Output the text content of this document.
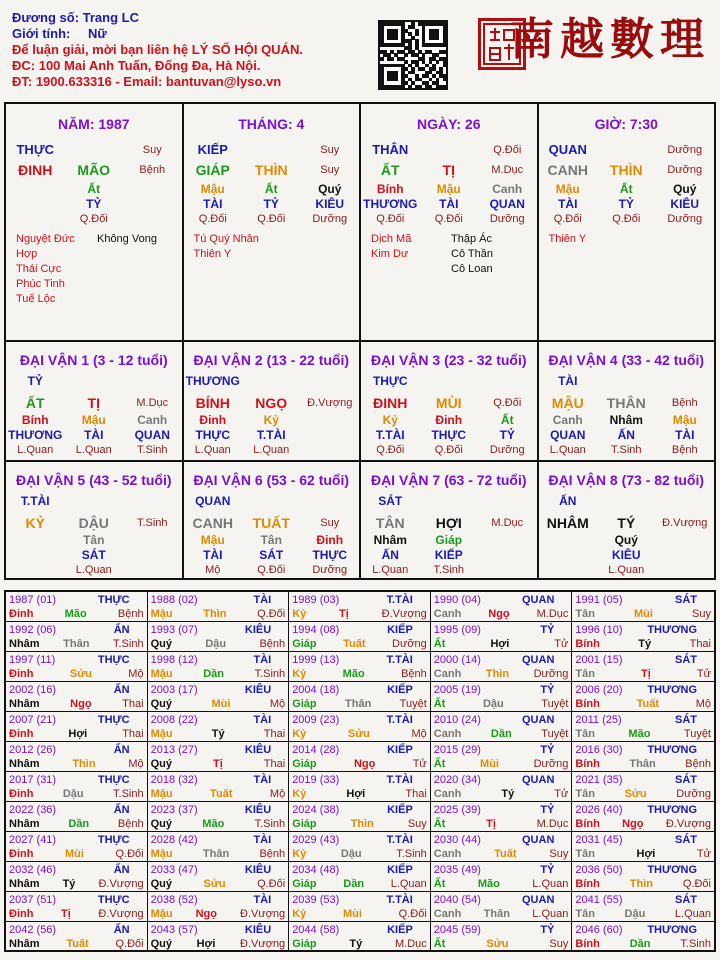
Đương số: Trang LC
Giới tính: Nữ
Để luận giải, mời bạn liên hệ LÝ SỐ HỘI QUÁN.
ĐC: 100 Mai Anh Tuấn, Đống Đa, Hà Nội.
ĐT: 1900.633316 - Email: bantuvan@lyso.vn
南越數理
NĂM: 1987
THỰC	Suy
ĐINH	MÃO	Bệnh
Ất
TỶ
Q.Đối
Nguyệt Đức Hợp
Thái Cực
Phúc Tinh
Tuế Lộc
Không Vong
THÁNG: 4
KIẾP	Suy
GIÁP	THÌN	Suy
Mậu	Ất	Quý
TÀI	TỶ	KIÊU
Q.Đối	Q.Đối	Dưỡng
Tú Quý Nhân
Thiên Y
NGÀY: 26
THÂN	Q.Đối
ẤT	TỊ	M.Dục
Bính	Mậu	Canh
THƯƠNG	TÀI	QUAN
Q.Đối	Q.Đối	Dưỡng
Dịch Mã
Kim Dư
Thập Ác
Cô Thần
Cô Loan
GIỜ: 7:30
QUAN	Dưỡng
CANH	THÌN	Dưỡng
Mậu	Ất	Quý
TÀI	TỶ	KIÊU
Q.Đối	Q.Đối	Dưỡng
Thiên Y
ĐẠI VẬN 1 (3 - 12 tuổi)
TỶ
ẤT	TỊ	M.Dục
Bính	Mậu	Canh
THƯƠNG	TÀI	QUAN
L.Quan	L.Quan	T.Sinh
ĐẠI VẬN 2 (13 - 22 tuổi)
THƯƠNG
BÍNH	NGỌ	Đ.Vượng
Đinh	Kỷ
THỰC	T.TÀI
L.Quan	L.Quan
ĐẠI VẬN 3 (23 - 32 tuổi)
THỰC
ĐINH	MÙI	Q.Đối
Kỷ	Đinh	Ất
T.TÀI	THỰC	TỶ
Q.Đối	Q.Đối	Dưỡng
ĐẠI VẬN 4 (33 - 42 tuổi)
TÀI
MẬU	THÂN	Bệnh
Canh	Nhâm	Mậu
QUAN	ẤN	TÀI
L.Quan	T.Sinh	Bệnh
ĐẠI VẬN 5 (43 - 52 tuổi)
T.TÀI
KỶ	DẬU	T.Sinh
Tân
SÁT
L.Quan
ĐẠI VẬN 6 (53 - 62 tuổi)
QUAN
CANH	TUẤT	Suy
Mậu	Tân	Đinh
TÀI	SÁT	THỰC
Mộ	Q.Đối	Dưỡng
ĐẠI VẬN 7 (63 - 72 tuổi)
SÁT
TÂN	HỢI	M.Dục
Nhâm	Giáp
ẤN	KIẾP
L.Quan	T.Sinh
ĐẠI VẬN 8 (73 - 82 tuổi)
ẤN
NHÂM	TÝ	Đ.Vượng
Quý
KIÊU
L.Quan
1987 (01)	THỰC
Đinh	Mão	Bệnh
1988 (02)	TÀI
Mậu	Thìn	Q.Đối
1989 (03)	T.TÀI
Kỷ	Tị	Đ.Vượng
1990 (04)	QUAN
Canh Ngọ M.Dục
1991 (05)	SÁT
Tân	Mùi	Suy
1992 (06)	ẤN
Nhâm Thân T.Sinh
1993 (07)	KIÊU
Quý	Dậu	Bệnh
1994 (08)	KIẾP
Giáp Tuất Dưỡng
1995 (09)	TỶ
Ất	Hợi	Tử
1996 (10) THƯƠNG
Bính	Tý	Thai
1997 (11)	THỰC
Đinh	Sửu	Mộ
1998 (12)	TÀI
Mậu	Dần	T.Sinh
1999 (13)	T.TÀI
Kỷ	Mão	Bệnh
2000 (14)	QUAN
Canh Thìn Dưỡng
2001 (15)	SÁT
Tân	Tị	Tử
2002 (16)	ẤN
Nhâm	Ngọ	Thai
2003 (17)	KIÊU
Quý	Mùi	Mộ
2004 (18)	KIẾP
Giáp	Thân	Tuyệt
2005 (19)	TỶ
Ất	Dậu	Tuyệt
2006 (20) THƯƠNG
Bính	Tuất	Mộ
2007 (21)	THỰC
Đinh	Hợi	Thai
2008 (22)	TÀI
Mậu	Tý	Thai
2009 (23)	T.TÀI
Kỷ	Sửu	Mộ
2010 (24)	QUAN
Canh	Dần	Tuyệt
2011 (25)	SÁT
Tân	Mão	Tuyệt
2012 (26)	ẤN
Nhâm	Thìn	Mộ
2013 (27)	KIÊU
Quý	Tị	Thai
2014 (28)	KIẾP
Giáp	Ngọ	Tử
2015 (29)	TỶ
Ất	Mùi	Dưỡng
2016 (30) THƯƠNG
Bính	Thân	Bệnh
2017 (31)	THỰC
Đinh	Dậu	T.Sinh
2018 (32)	TÀI
Mậu	Tuất	Mộ
2019 (33)	T.TÀI
Kỷ	Hợi	Thai
2020 (34)	QUAN
Canh	Tý	Tử
2021 (35)	SÁT
Tân	Sửu	Dưỡng
2022 (36)	ẤN
Nhâm	Dần	Bệnh
2023 (37)	KIÊU
Quý	Mão	T.Sinh
2024 (38)	KIẾP
Giáp	Thìn	Suy
2025 (39)	TỶ
Ất	Tị	M.Dục
2026 (40) THƯƠNG
Bính Ngọ Đ.Vượng
2027 (41)	THỰC
Đinh	Mùi	Q.Đối
2028 (42)	TÀI
Mậu	Thân	Bệnh
2029 (43)	T.TÀI
Kỷ	Dậu	T.Sinh
2030 (44)	QUAN
Canh	Tuất	Suy
2031 (45)	SÁT
Tân	Hợi	Tử
2032 (46)	ẤN
Nhâm Tý Đ.Vượng
2033 (47)	KIÊU
Quý	Sửu	Q.Đối
2034 (48)	KIẾP
Giáp Dần L.Quan
2035 (49)	TỶ
Ất	Mão	L.Quan
2036 (50) THƯƠNG
Bính	Thìn	Q.Đối
2037 (51)	THỰC
Đinh	Tị	Đ.Vượng
2038 (52)	TÀI
Mậu Ngọ Đ.Vượng
2039 (53)	T.TÀI
Kỷ	Mùi	Q.Đối
2040 (54)	QUAN
Canh Thân L.Quan
2041 (55)	SÁT
Tân	Dậu	L.Quan
2042 (56)	ẤN
Nhâm Tuất Q.Đối
2043 (57)	KIÊU
Quý Hợi Đ.Vượng
2044 (58)	KIẾP
Giáp	Tý	M.Dục
2045 (59)	TỶ
Ất	Sửu	Suy
2046 (60) THƯƠNG
Bính	Dần	T.Sinh
